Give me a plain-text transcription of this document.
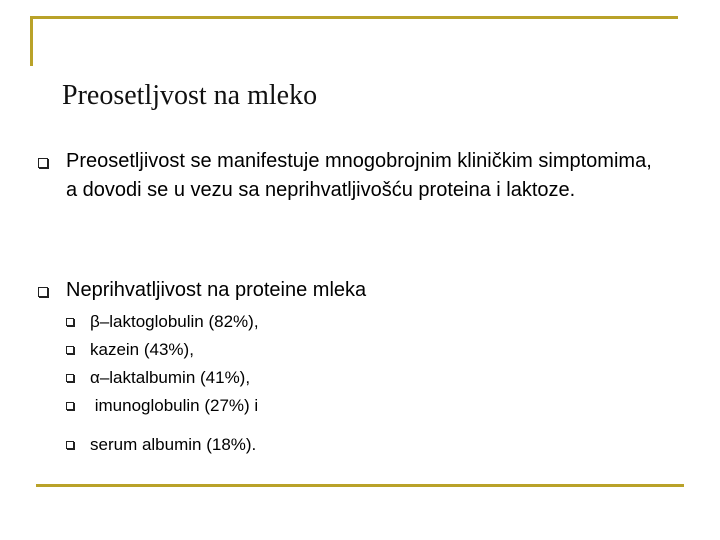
Preosetljvost na mleko
Preosetljivost se manifestuje mnogobrojnim kliničkim simptomima, a dovodi se u vezu sa neprihvatljivošću proteina i laktoze.
Neprihvatljivost na proteine mleka
β–laktoglobulin (82%),
kazein (43%),
α–laktalbumin (41%),
imunoglobulin (27%) i
serum albumin (18%).
